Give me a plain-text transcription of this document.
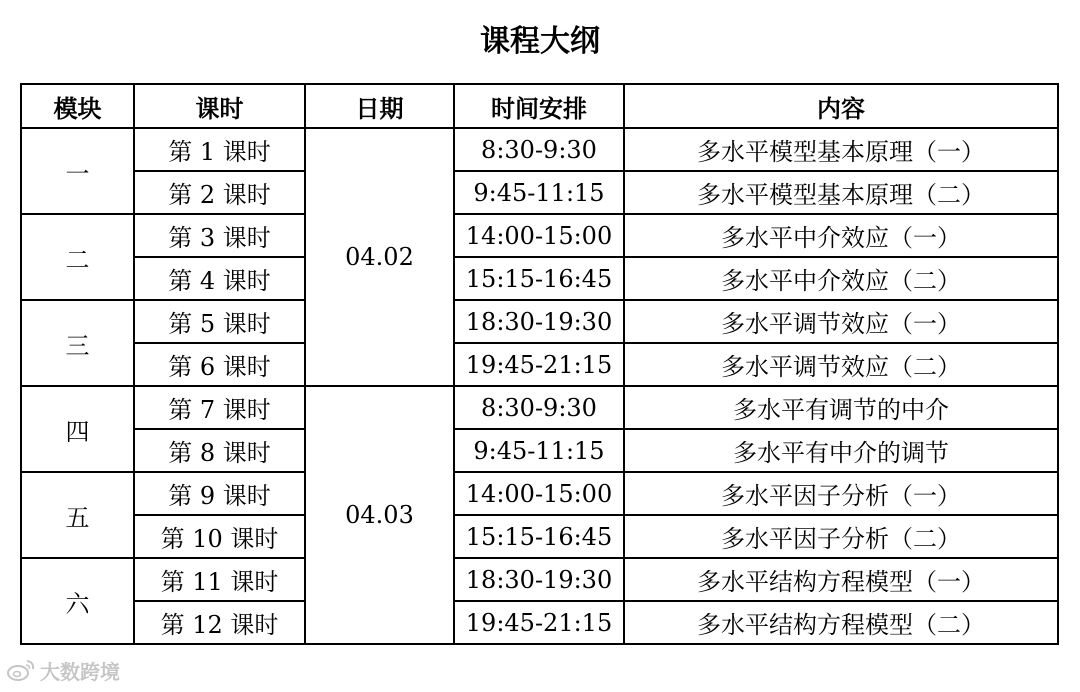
课程大纲
模块	课时	日期	时间安排	内容
一	第 1 课时	04.02	8:30-9:30	多水平模型基本原理（一）
	第 2 课时		9:45-11:15	多水平模型基本原理（二）
二	第 3 课时		14:00-15:00	多水平中介效应（一）
	第 4 课时		15:15-16:45	多水平中介效应（二）
三	第 5 课时		18:30-19:30	多水平调节效应（一）
	第 6 课时		19:45-21:15	多水平调节效应（二）
四	第 7 课时	04.03	8:30-9:30	多水平有调节的中介
	第 8 课时		9:45-11:15	多水平有中介的调节
五	第 9 课时		14:00-15:00	多水平因子分析（一）
	第 10 课时		15:15-16:45	多水平因子分析（二）
六	第 11 课时		18:30-19:30	多水平结构方程模型（一）
	第 12 课时		19:45-21:15	多水平结构方程模型（二）
大数跨境
